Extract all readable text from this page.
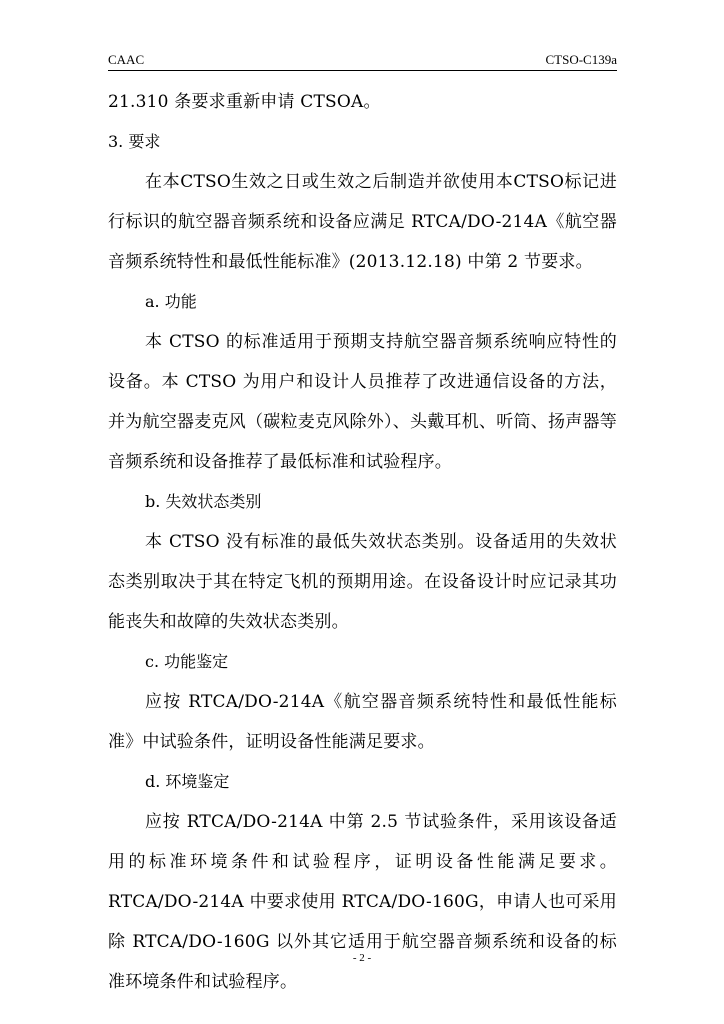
CAAC	CTSO-C139a

21.310 条要求重新申请 CTSOA。

3. 要求

在本CTSO生效之日或生效之后制造并欲使用本CTSO标记进行标识的航空器音频系统和设备应满足 RTCA/DO-214A《航空器音频系统特性和最低性能标准》(2013.12.18) 中第 2 节要求。

a. 功能

本 CTSO 的标准适用于预期支持航空器音频系统响应特性的设备。本 CTSO 为用户和设计人员推荐了改进通信设备的方法，并为航空器麦克风（碳粒麦克风除外）、头戴耳机、听筒、扬声器等音频系统和设备推荐了最低标准和试验程序。

b. 失效状态类别

本 CTSO 没有标准的最低失效状态类别。设备适用的失效状态类别取决于其在特定飞机的预期用途。在设备设计时应记录其功能丧失和故障的失效状态类别。

c. 功能鉴定

应按 RTCA/DO-214A《航空器音频系统特性和最低性能标准》中试验条件，证明设备性能满足要求。

d. 环境鉴定

应按 RTCA/DO-214A 中第 2.5 节试验条件，采用该设备适用的标准环境条件和试验程序，证明设备性能满足要求。RTCA/DO-214A 中要求使用 RTCA/DO-160G，申请人也可采用除 RTCA/DO-160G 以外其它适用于航空器音频系统和设备的标准环境条件和试验程序。

- 2 -
